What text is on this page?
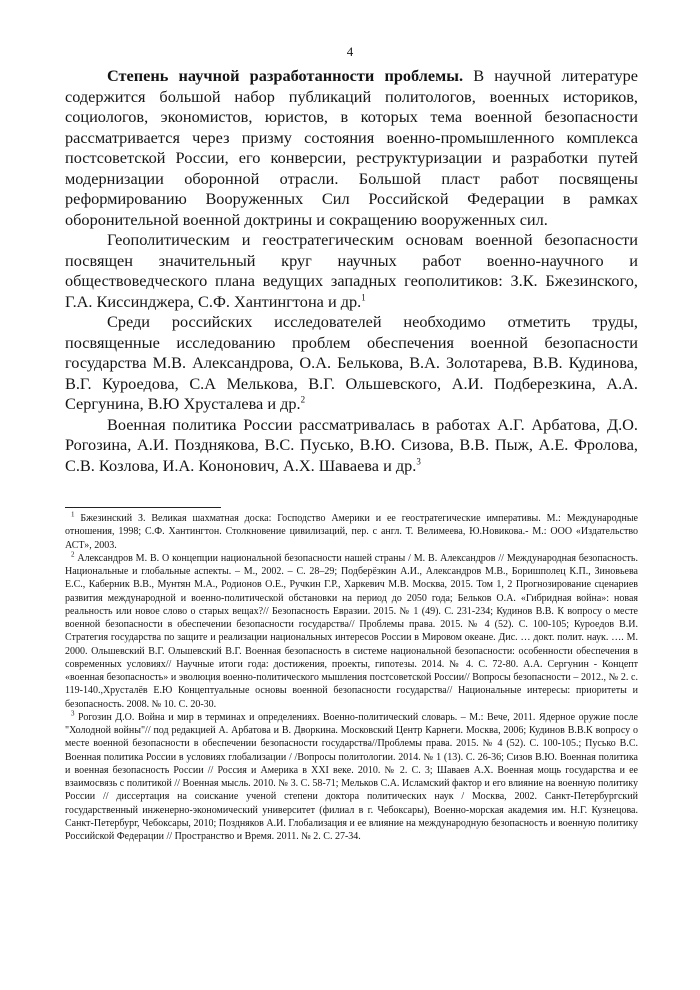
4

Степень научной разработанности проблемы. В научной литературе содержится большой набор публикаций политологов, военных историков, социологов, экономистов, юристов, в которых тема военной безопасности рассматривается через призму состояния военно-промышленного комплекса постсоветской России, его конверсии, реструктуризации и разработки путей модернизации оборонной отрасли. Большой пласт работ посвящены реформированию Вооруженных Сил Российской Федерации в рамках оборонительной военной доктрины и сокращению вооруженных сил.

Геополитическим и геостратегическим основам военной безопасности посвящен значительный круг научных работ военно-научного и обществоведческого плана ведущих западных геополитиков: З.К. Бжезинского, Г.А. Киссинджера, С.Ф. Хантингтона и др.$^1$

Среди российских исследователей необходимо отметить труды, посвященные исследованию проблем обеспечения военной безопасности государства М.В. Александрова, О.А. Белькова, В.А. Золотарева, В.В. Кудинова, В.Г. Куроедова, С.А Мелькова, В.Г. Ольшевского, А.И. Подберезкина, А.А. Сергунина, В.Ю Хрусталева и др.$^2$

Военная политика России рассматривалась в работах А.Г. Арбатова, Д.О. Рогозина, А.И. Позднякова, В.С. Пусько, В.Ю. Сизова, В.В. Пыж, А.Е. Фролова, С.В. Козлова, И.А. Кононович, А.Х. Шаваева и др.$^3$

$^1$ Бжезинский З. Великая шахматная доска: Господство Америки и ее геостратегические императивы. М.: Международные отношения, 1998; С.Ф. Хантингтон. Столкновение цивилизаций, пер. с англ. Т. Велимеева, Ю.Новикова.- М.: ООО «Издательство АСТ», 2003.

$^2$ Александров М. В. О концепции национальной безопасности нашей страны / М. В. Александров // Международная безопасность. Национальные и глобальные аспекты. – М., 2002. – С. 28–29; Подберёзкин А.И., Александров М.В., Боришполец К.П., Зиновьева Е.С., Каберник В.В., Мунтян М.А., Родионов О.Е., Ручкин Г.Р., Харкевич М.В. Москва, 2015. Том 1, 2 Прогнозирование сценариев развития международной и военно-политической обстановки на период до 2050 года; Бельков О.А. «Гибридная война»: новая реальность или новое слово о старых вещах?// Безопасность Евразии. 2015. № 1 (49). С. 231-234; Кудинов В.В. К вопросу о месте военной безопасности в обеспечении безопасности государства// Проблемы права. 2015. № 4 (52). С. 100-105; Куроедов В.И. Стратегия государства по защите и реализации национальных интересов России в Мировом океане. Дис. … докт. полит. наук. …. М. 2000. Ольшевский В.Г. Ольшевский В.Г. Военная безопасность в системе национальной безопасности: особенности обеспечения в современных условиях// Научные итоги года: достижения, проекты, гипотезы. 2014. № 4. С. 72-80. А.А. Сергунин - Концепт «военная безопасность» и эволюция военно-политического мышления постсоветской России// Вопросы безопасности – 2012., № 2. с. 119-140.,Хрусталёв Е.Ю Концептуальные основы военной безопасности государства// Национальные интересы: приоритеты и безопасность. 2008. № 10. С. 20-30.

$^3$ Рогозин Д.О. Война и мир в терминах и определениях. Военно-политический словарь. – М.: Вече, 2011. Ядерное оружие после "Холодной войны"// под редакцией А. Арбатова и В. Дворкина. Московский Центр Карнеги. Москва, 2006; Кудинов В.В.К вопросу о месте военной безопасности в обеспечении безопасности государства//Проблемы права. 2015. № 4 (52). С. 100-105.; Пусько В.С. Военная политика России в условиях глобализации / /Вопросы политологии. 2014. № 1 (13). С. 26-36; Сизов В.Ю. Военная политика и военная безопасность России // Россия и Америка в XXI веке. 2010. № 2. С. 3; Шаваев А.Х. Военная мощь государства и ее взаимосвязь с политикой // Военная мысль. 2010. № 3. С. 58-71; Мельков С.А. Исламский фактор и его влияние на военную политику России // диссертация на соискание ученой степени доктора политических наук / Москва, 2002. Санкт-Петербургский государственный инженерно-экономический университет (филиал в г. Чебоксары), Военно-морская академия им. Н.Г. Кузнецова. Санкт-Петербург, Чебоксары, 2010; Поздняков А.И. Глобализация и ее влияние на международную безопасность и военную политику Российской Федерации // Пространство и Время. 2011. № 2. С. 27-34.
